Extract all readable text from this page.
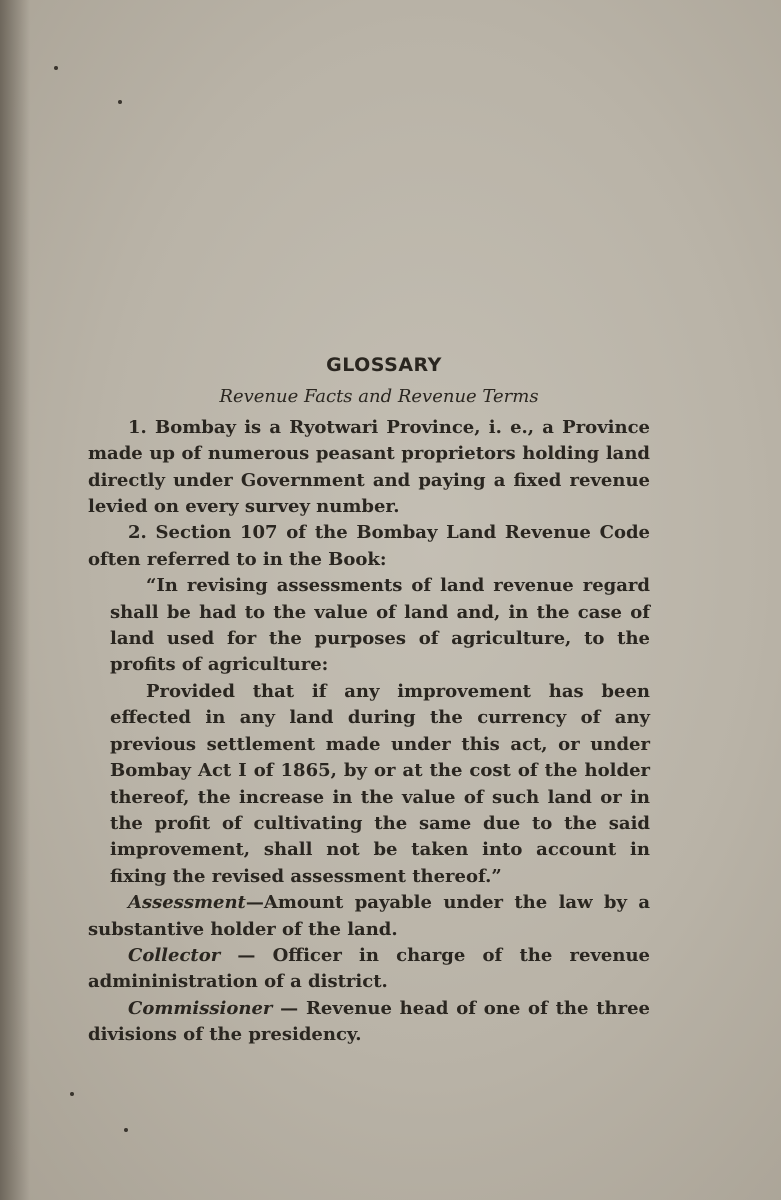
GLOSSARY
Revenue Facts and Revenue Terms

1. Bombay is a Ryotwari Province, i. e., a Province made up of numerous peasant proprietors holding land directly under Government and paying a fixed revenue levied on every survey number.

2. Section 107 of the Bombay Land Revenue Code often referred to in the Book:

“In revising assessments of land revenue regard shall be had to the value of land and, in the case of land used for the purposes of agriculture, to the profits of agriculture:

Provided that if any improvement has been effected in any land during the currency of any previous settlement made under this act, or under Bombay Act I of 1865, by or at the cost of the holder thereof, the increase in the value of such land or in the profit of cultivating the same due to the said improvement, shall not be taken into account in fixing the revised assessment thereof.”

Assessment—Amount payable under the law by a substantive holder of the land.

Collector — Officer in charge of the revenue admininistration of a district.

Commissioner — Revenue head of one of the three divisions of the presidency.
